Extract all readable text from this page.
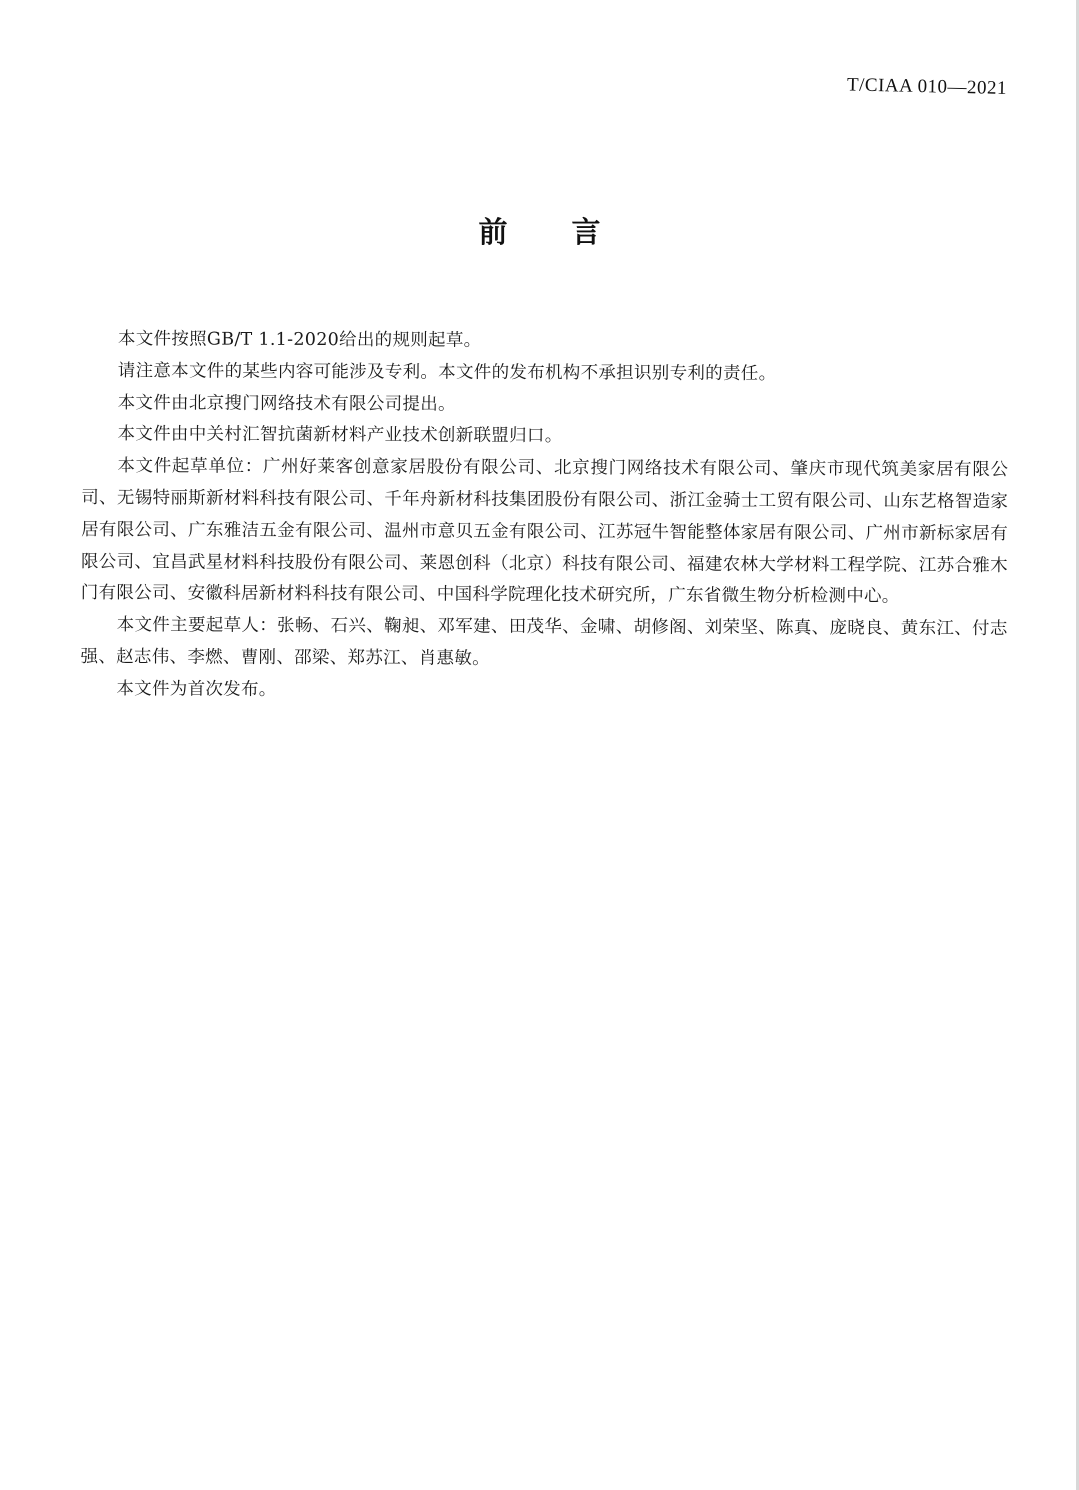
T/CIAA 010—2021
前言

本文件按照GB/T 1.1-2020给出的规则起草。

请注意本文件的某些内容可能涉及专利。本文件的发布机构不承担识别专利的责任。

本文件由北京搜门网络技术有限公司提出。

本文件由中关村汇智抗菌新材料产业技术创新联盟归口。

本文件起草单位：广州好莱客创意家居股份有限公司、北京搜门网络技术有限公司、肇庆市现代筑美家居有限公司、无锡特丽斯新材料科技有限公司、千年舟新材科技集团股份有限公司、浙江金骑士工贸有限公司、山东艺格智造家居有限公司、广东雅洁五金有限公司、温州市意贝五金有限公司、江苏冠牛智能整体家居有限公司、广州市新标家居有限公司、宜昌武星材料科技股份有限公司、莱恩创科（北京）科技有限公司、福建农林大学材料工程学院、江苏合雅木门有限公司、安徽科居新材料科技有限公司、中国科学院理化技术研究所，广东省微生物分析检测中心。

本文件主要起草人：张畅、石兴、鞠昶、邓军建、田茂华、金啸、胡修阁、刘荣坚、陈真、庞晓良、黄东江、付志强、赵志伟、李燃、曹刚、邵梁、郑苏江、肖惠敏。

本文件为首次发布。
